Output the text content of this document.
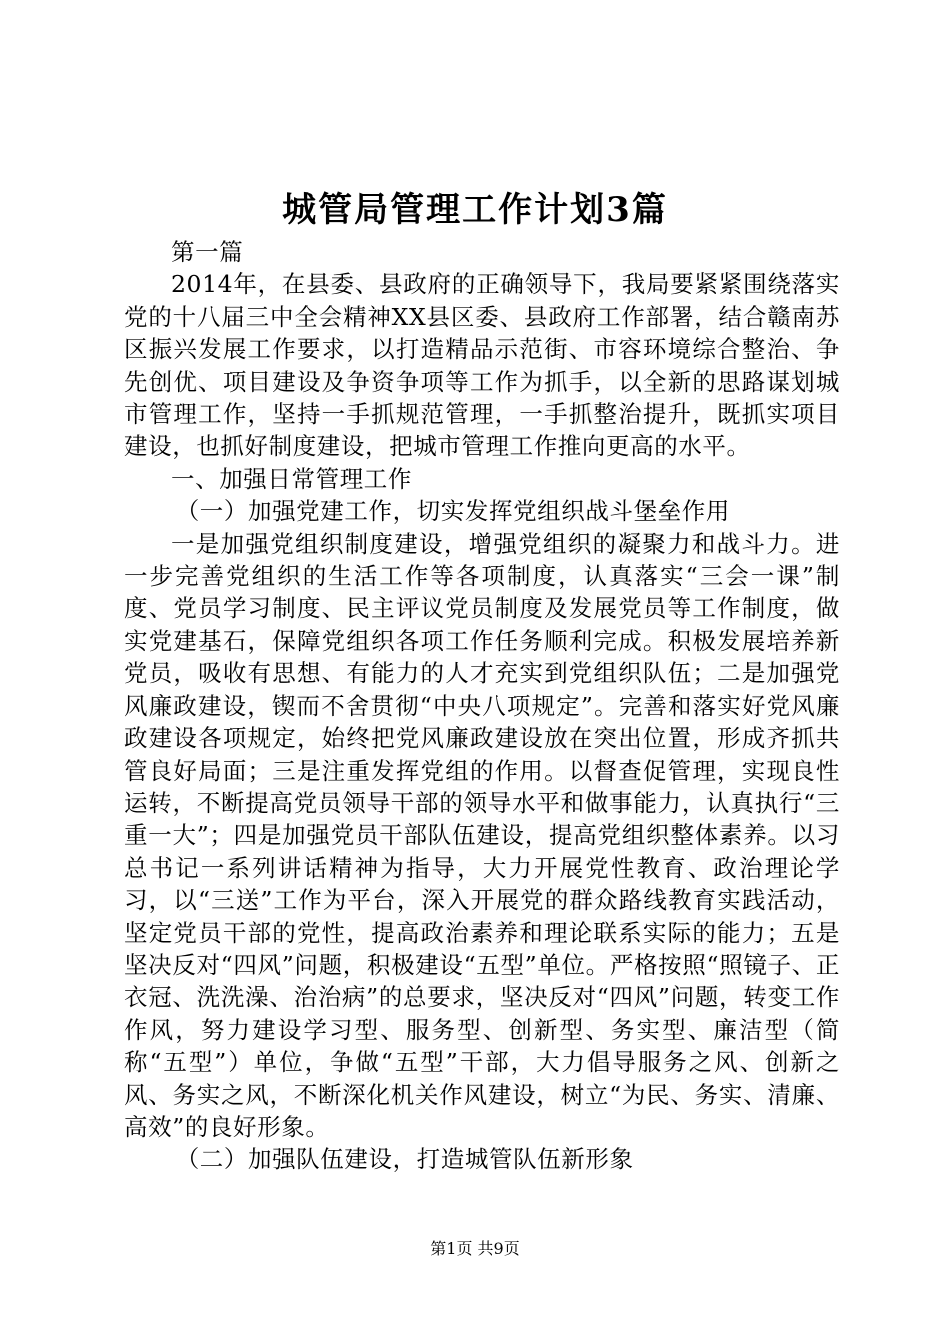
城管局管理工作计划3篇

第一篇

2014年，在县委、县政府的正确领导下，我局要紧紧围绕落实党的十八届三中全会精神XX县区委、县政府工作部署，结合赣南苏区振兴发展工作要求，以打造精品示范街、市容环境综合整治、争先创优、项目建设及争资争项等工作为抓手，以全新的思路谋划城市管理工作，坚持一手抓规范管理，一手抓整治提升，既抓实项目建设，也抓好制度建设，把城市管理工作推向更高的水平。

一、加强日常管理工作

（一）加强党建工作，切实发挥党组织战斗堡垒作用

一是加强党组织制度建设，增强党组织的凝聚力和战斗力。进一步完善党组织的生活工作等各项制度，认真落实“三会一课”制度、党员学习制度、民主评议党员制度及发展党员等工作制度，做实党建基石，保障党组织各项工作任务顺利完成。积极发展培养新党员，吸收有思想、有能力的人才充实到党组织队伍；二是加强党风廉政建设，锲而不舍贯彻“中央八项规定”。完善和落实好党风廉政建设各项规定，始终把党风廉政建设放在突出位置，形成齐抓共管良好局面；三是注重发挥党组的作用。以督查促管理，实现良性运转，不断提高党员领导干部的领导水平和做事能力，认真执行“三重一大”；四是加强党员干部队伍建设，提高党组织整体素养。以习总书记一系列讲话精神为指导，大力开展党性教育、政治理论学习，以“三送”工作为平台，深入开展党的群众路线教育实践活动，坚定党员干部的党性，提高政治素养和理论联系实际的能力；五是坚决反对“四风”问题，积极建设“五型”单位。严格按照“照镜子、正衣冠、洗洗澡、治治病”的总要求，坚决反对“四风”问题，转变工作作风，努力建设学习型、服务型、创新型、务实型、廉洁型（简称“五型”）单位，争做“五型”干部，大力倡导服务之风、创新之风、务实之风，不断深化机关作风建设，树立“为民、务实、清廉、高效”的良好形象。

（二）加强队伍建设，打造城管队伍新形象

第1页 共9页
